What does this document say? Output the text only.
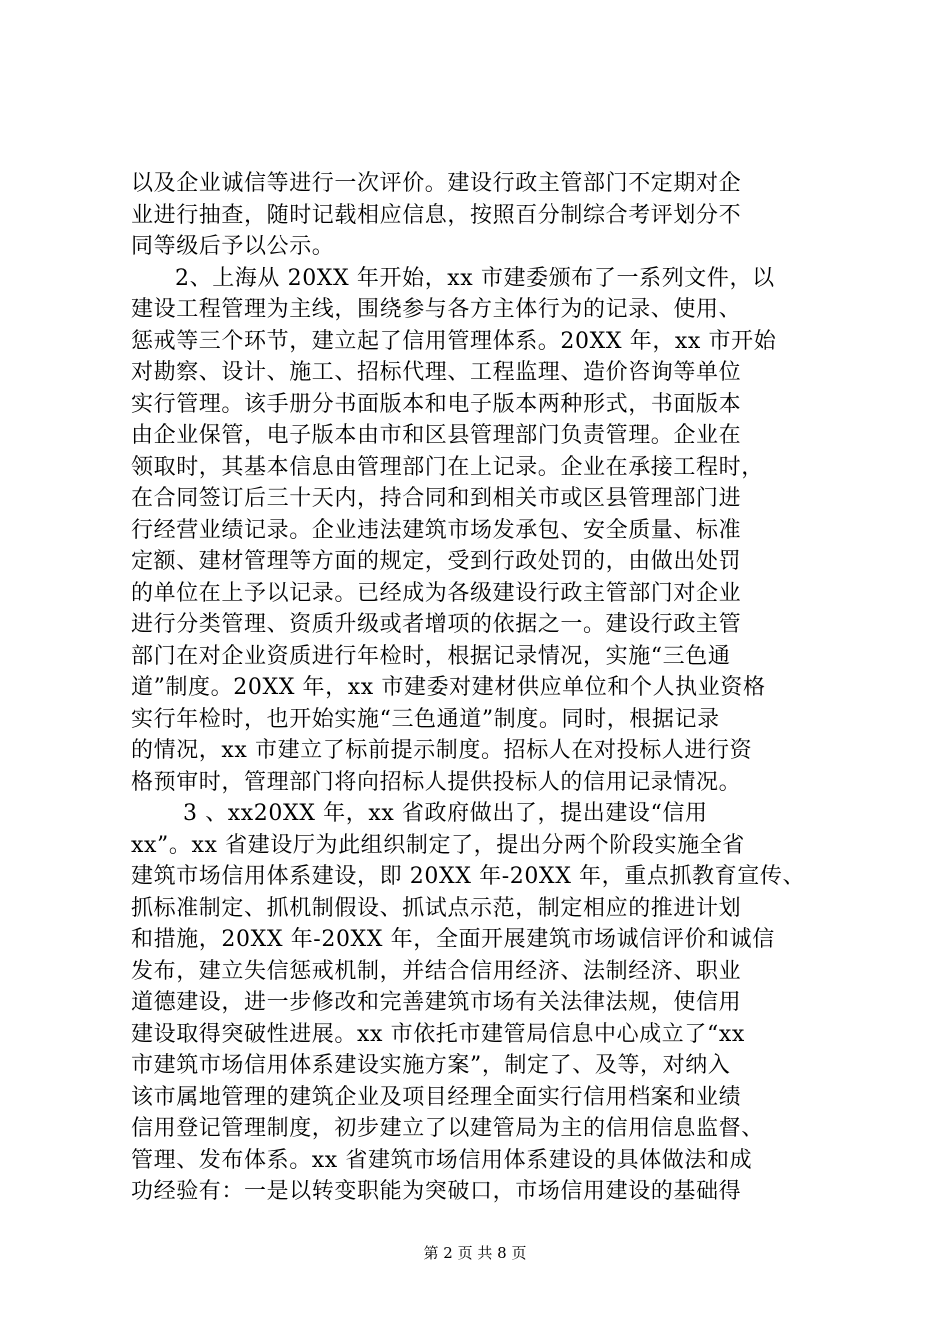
以及企业诚信等进行一次评价。建设行政主管部门不定期对企
业进行抽查，随时记载相应信息，按照百分制综合考评划分不
同等级后予以公示。
2、上海从 20XX 年开始，xx 市建委颁布了一系列文件，以
建设工程管理为主线，围绕参与各方主体行为的记录、使用、
惩戒等三个环节，建立起了信用管理体系。20XX 年，xx 市开始
对勘察、设计、施工、招标代理、工程监理、造价咨询等单位
实行管理。该手册分书面版本和电子版本两种形式，书面版本
由企业保管，电子版本由市和区县管理部门负责管理。企业在
领取时，其基本信息由管理部门在上记录。企业在承接工程时，
在合同签订后三十天内，持合同和到相关市或区县管理部门进
行经营业绩记录。企业违法建筑市场发承包、安全质量、标准
定额、建材管理等方面的规定，受到行政处罚的，由做出处罚
的单位在上予以记录。已经成为各级建设行政主管部门对企业
进行分类管理、资质升级或者增项的依据之一。建设行政主管
部门在对企业资质进行年检时，根据记录情况，实施“三色通
道”制度。20XX 年，xx 市建委对建材供应单位和个人执业资格
实行年检时，也开始实施“三色通道”制度。同时，根据记录
的情况，xx 市建立了标前提示制度。招标人在对投标人进行资
格预审时，管理部门将向招标人提供投标人的信用记录情况。
3 、xx20XX 年，xx 省政府做出了，提出建设“信用
xx”。xx 省建设厅为此组织制定了，提出分两个阶段实施全省
建筑市场信用体系建设，即 20XX 年-20XX 年，重点抓教育宣传、
抓标准制定、抓机制假设、抓试点示范，制定相应的推进计划
和措施，20XX 年-20XX 年，全面开展建筑市场诚信评价和诚信
发布，建立失信惩戒机制，并结合信用经济、法制经济、职业
道德建设，进一步修改和完善建筑市场有关法律法规，使信用
建设取得突破性进展。xx 市依托市建管局信息中心成立了“xx
市建筑市场信用体系建设实施方案”，制定了、及等，对纳入
该市属地管理的建筑企业及项目经理全面实行信用档案和业绩
信用登记管理制度，初步建立了以建管局为主的信用信息监督、
管理、发布体系。xx 省建筑市场信用体系建设的具体做法和成
功经验有：一是以转变职能为突破口，市场信用建设的基础得
第 2 页 共 8 页
